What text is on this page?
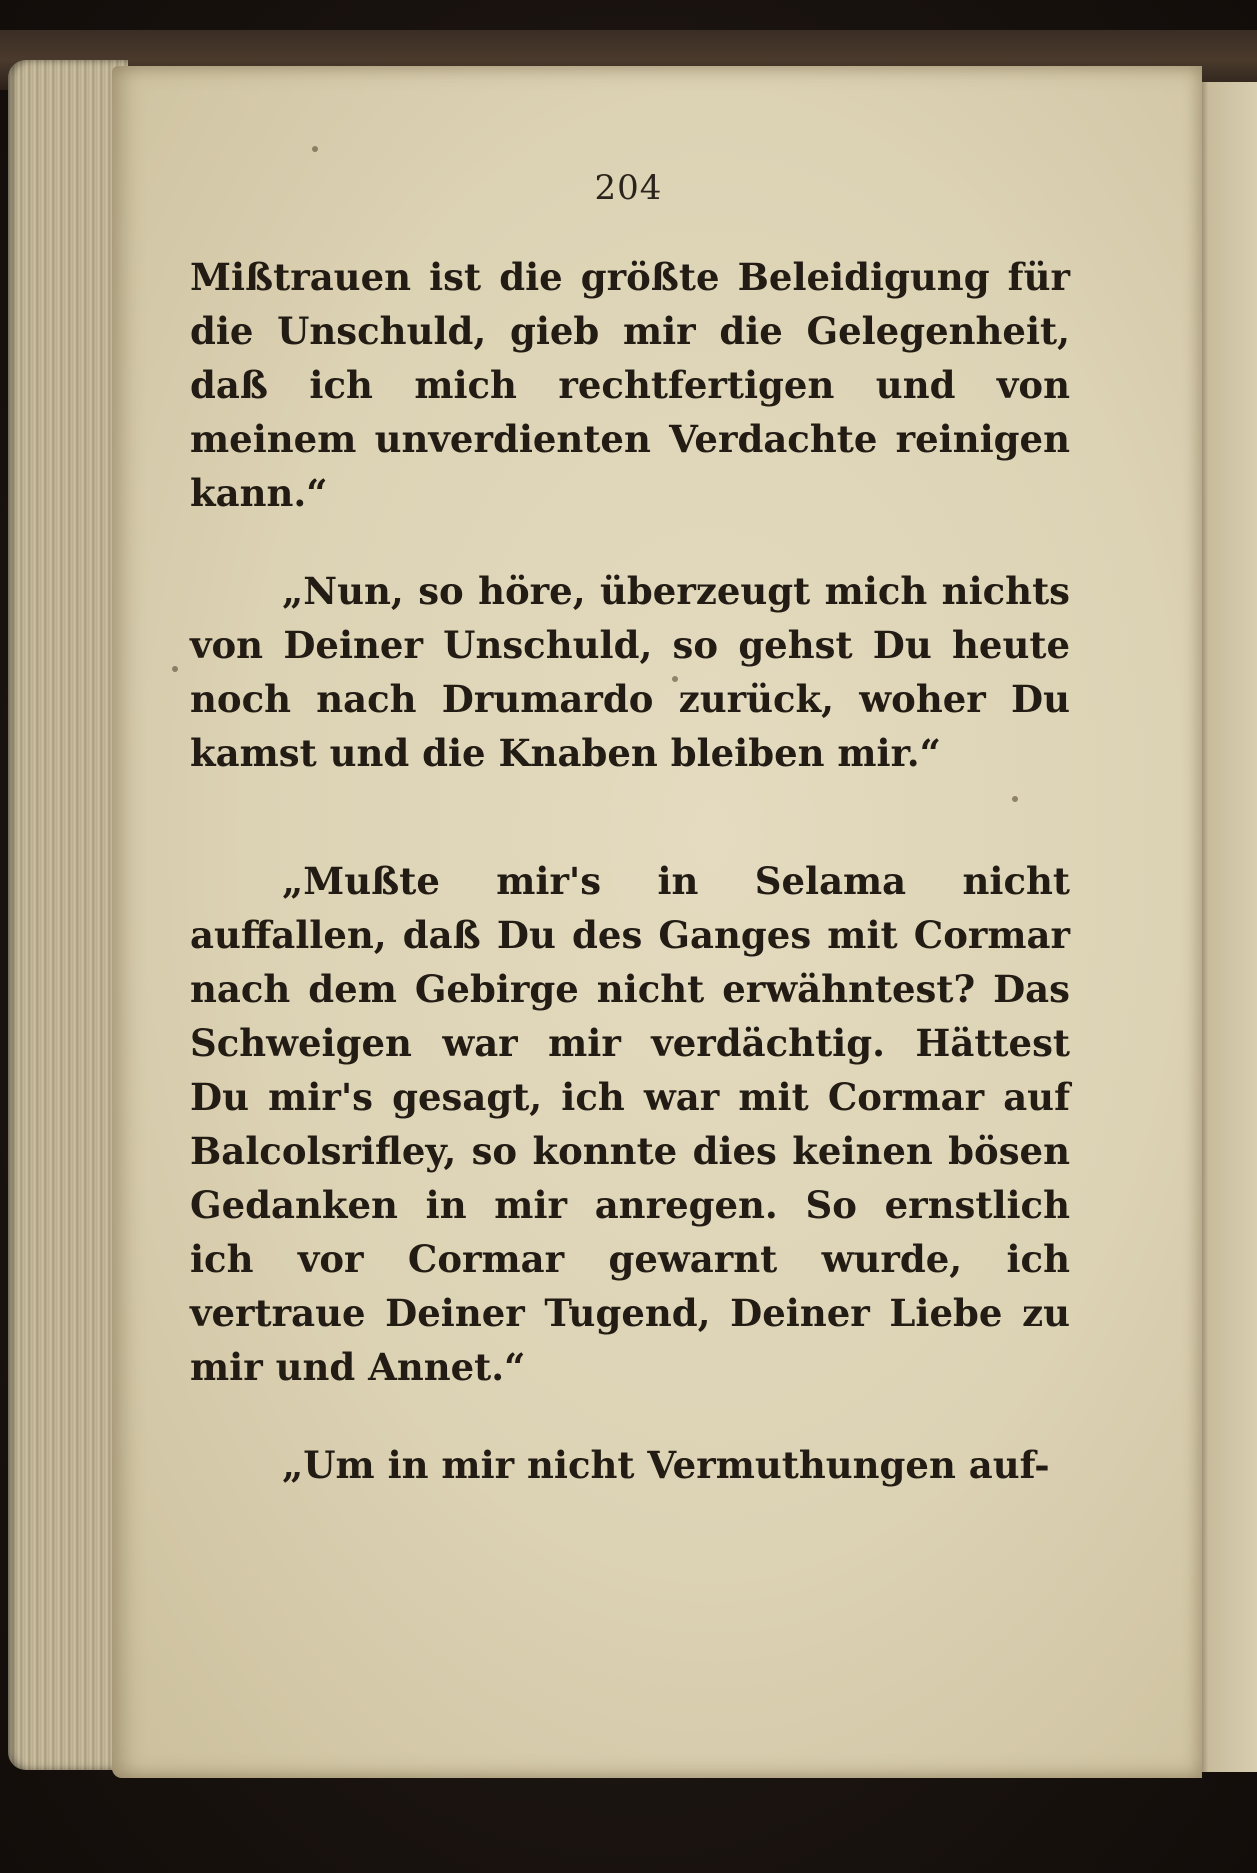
204

Mißtrauen ist die größte Beleidigung für die Unschuld, gieb mir die Gelegenheit, daß ich mich rechtfertigen und von meinem unverdienten Verdachte reinigen kann.“

„Nun, so höre, überzeugt mich nichts von Deiner Unschuld, so gehst Du heute noch nach Drumardo zurück, woher Du kamst und die Knaben bleiben mir.“

„Mußte mir's in Selama nicht auffallen, daß Du des Ganges mit Cormar nach dem Gebirge nicht erwähntest? Das Schweigen war mir verdächtig. Hättest Du mir's gesagt, ich war mit Cormar auf Balcolsrifley, so konnte dies keinen bösen Gedanken in mir anregen. So ernstlich ich vor Cormar gewarnt wurde, ich vertraue Deiner Tugend, Deiner Liebe zu mir und Annet.“

„Um in mir nicht Vermuthungen auf-
